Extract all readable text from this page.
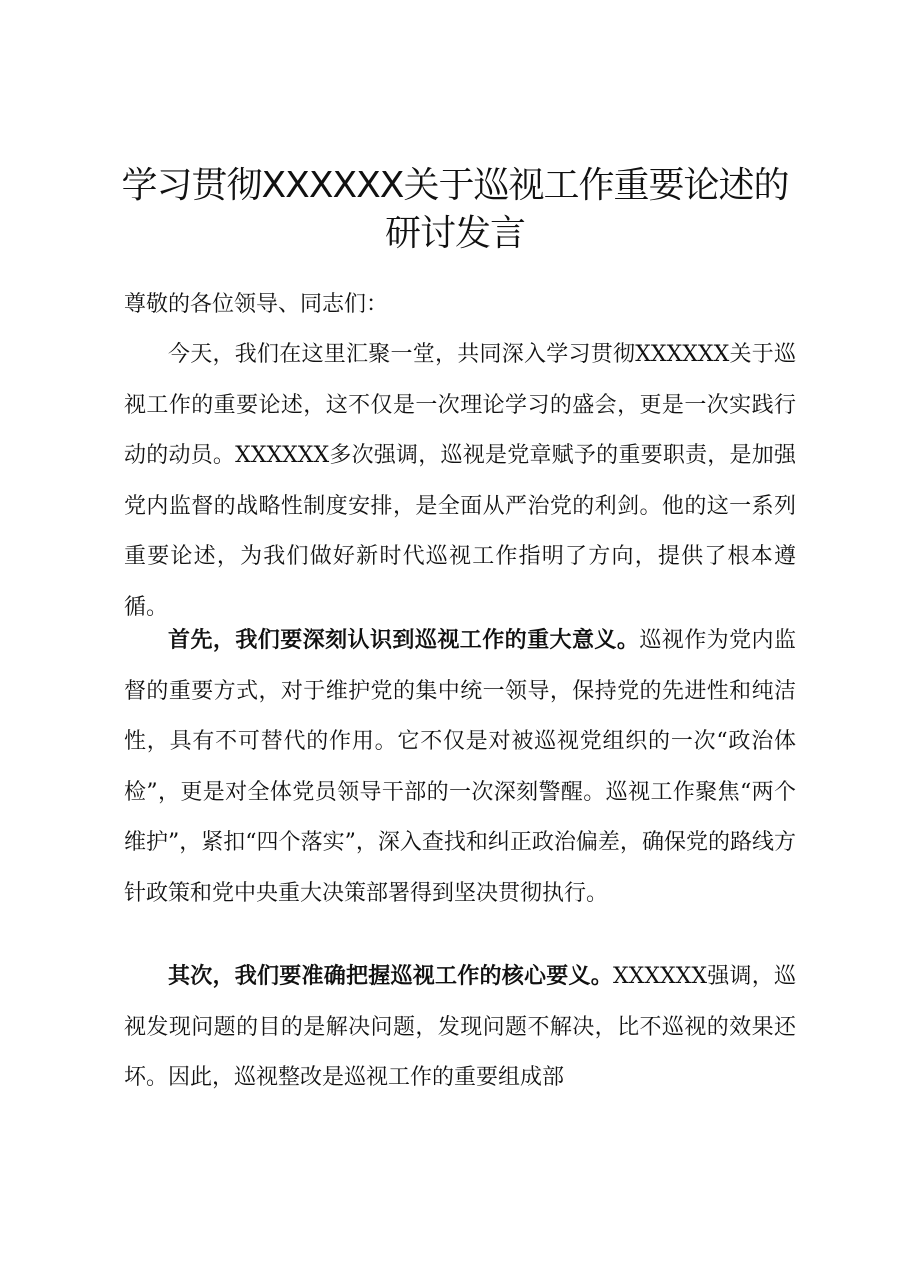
学习贯彻XXXXXX关于巡视工作重要论述的
研讨发言

尊敬的各位领导、同志们：

今天，我们在这里汇聚一堂，共同深入学习贯彻XXXXXX关于巡视工作的重要论述，这不仅是一次理论学习的盛会，更是一次实践行动的动员。XXXXXX多次强调，巡视是党章赋予的重要职责，是加强党内监督的战略性制度安排，是全面从严治党的利剑。他的这一系列重要论述，为我们做好新时代巡视工作指明了方向，提供了根本遵循。

首先，我们要深刻认识到巡视工作的重大意义。巡视作为党内监督的重要方式，对于维护党的集中统一领导，保持党的先进性和纯洁性，具有不可替代的作用。它不仅是对被巡视党组织的一次“政治体检”，更是对全体党员领导干部的一次深刻警醒。巡视工作聚焦“两个维护”，紧扣“四个落实”，深入查找和纠正政治偏差，确保党的路线方针政策和党中央重大决策部署得到坚决贯彻执行。

其次，我们要准确把握巡视工作的核心要义。XXXXXX强调，巡视发现问题的目的是解决问题，发现问题不解决，比不巡视的效果还坏。因此，巡视整改是巡视工作的重要组成部
